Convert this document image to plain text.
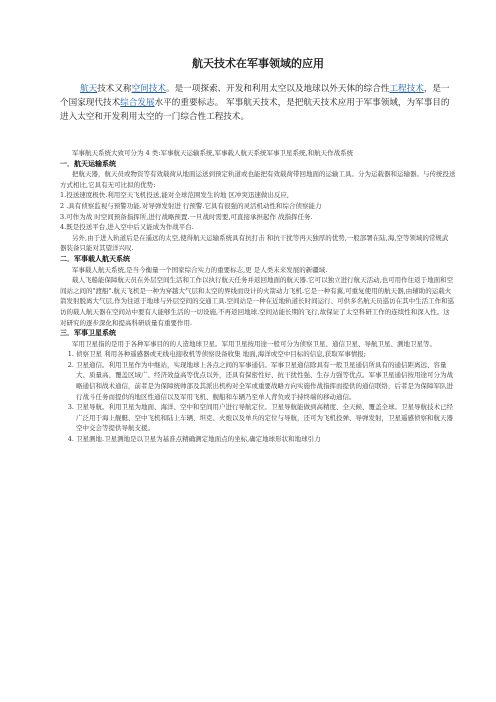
航天技术在军事领域的应用
航天技术又称空间技术。是一项探索、开发和利用太空以及地球以外天体的综合性工程技术，是一个国家现代技术综合发展水平的重要标志。 军事航天技术，是把航天技术应用于军事领域，为军事目的进入太空和开发利用太空的一门综合性工程技术。

军事航天系统大致可分为 4 类:军事航天运输系统,军事载人航天系统军事卫星系统,和航天作战系统

一．航天运输系统

把航天器，航天员或物资等有效载荷从地面运送到预定轨道或也能把有效载荷带回地面的运输工具。分为运载器和运输器。与传统投送方式相比,它具有无可比拟的优势:

1.投送速度极快.利用空天飞机投送,能对全球范围发生的地 区冲突迅速做出反应,

2 .具有侦察监视与预警功能.对导弹发射进 行预警.它具有很强的灵活机动性和综合侦察能力

3.可作为战 时空间预备指挥所,进行战略预置.一旦战时需要,可直接承担起作 战指挥任务.

4.既是投送平台,进入空中后又能成为作战平台.

另外,由于进入轨道后是在遥远的太空,使得航天运输系统具有抗打击 和抗干扰等再天独厚的优势,一般部署在陆,海,空等领域的常规武 器装备只能对其望洋兴叹.

二．军事载人航天系统

军事载人航天系统,是当今衡量一个国家综合实力的重要标志,更 是人类未来发展的新疆域.

载人飞船能保障航天员在外层空间生活和工作以执行航天任务并返回地面的航天器.它可以独立进行航天活动,也可用作往返于地面和空间站之间的"渡船".航天飞机是一种为穿越大气层和太空的界线而设计的火箭动力飞机.它是一种有翼,可重复使用的航天器,由辅助的运载火箭发射脱离大气层,作为往返于地球与外层空间的交通工具.空间站是一种在近地轨道长时间运行、可供多名航天员巡访在其中生活工作和巡访的载人航天器在空间站中要有人能够生活的一切设施,不再返回地球.空间站能长期的飞行,故保证了太空科研工作的连续性和深入性。这对研究的逐步深化和提高科研质量有重要作用.

三．军事卫星系统

军用卫星指的是用于各种军事目的的人造地球卫星。军用卫星按用途一般可分为侦察卫星、通信卫星、导航卫星、测地卫星等。

1. 侦察卫星 利用各种遥感器或无线电接收机等侦察设备收集 地面,海洋或空中目标的信息,获取军事情报;
2. 卫星通信。利用卫星作为中继站，实现地球上各点之间的军事通信。军事卫星通信除具有一般卫星通信所具有的通信距离远、容量大、质量高、覆盖区域广、经济效益高等优点以外，还具有保密性好、抗干扰性强、生存力强等优点。军事卫星通信按用途可分为战略通信和战术通信，前者是为保障统帅部及其派出机构对全军或重要战略方向实施作战指挥而提供的通信联络，后者是为保障军队进行战斗任务而提供的地区性通信以及军用飞机、舰船和车辆乃至单人背负或手持终端的移动通信。
3. 卫星导航。利用卫星为地面、海洋、空中和空间用户进行导航定位。卫星导航能做到高精度、全天候、覆盖全球。卫星导航技术已经广泛用于海上舰艇、空中飞机和陆上车辆、坦克、火炮以及单兵的定位与导航，还可为飞机投弹、导弹发射，卫星遥感侦察和航天器空中交会等提供导航支援。
4. 卫星测地.卫星测地是以卫星为基准点精确测定地面点的坐标,确定地球形状和地球引力
